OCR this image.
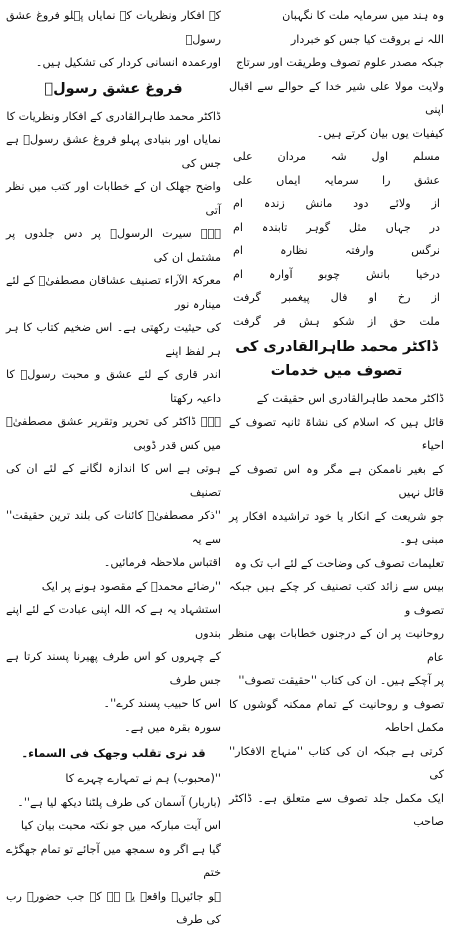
وہ ہند میں سرمایہ ملت کا نگہبان
اللہ نے بروقت کیا جس کو خبردار
جبکہ مصدر علوم تصوف وطریقت اور سرتاج
ولایت مولا علی شیر خدا کے حوالے سے اقبال اپنی
کیفیات یوں بیان کرتے ہیں۔
مسلم اول شہ مردان علی
عشق را سرمایہ ایماں علی
از ولائے دود مانش زندہ ام
در جہاں مثل گوہر تابندہ ام
نرگس وارفتہ نظارہ ام
درخیا بانش چوبو آوارہ ام
از رخ او فال پیغمبر گرفت
ملت حق از شکو ہش فر گرفت
ڈاکٹر محمد طاہرالقادری کی تصوف میں خدمات
ڈاکٹر محمد طاہرالقادری اس حقیقت کے
قائل ہیں کہ اسلام کی نشاۃ ثانیہ تصوف کے احیاء
کے بغیر ناممکن ہے مگر وہ اس تصوف کے قائل نہیں
جو شریعت کے انکار یا خود تراشیدہ افکار پر مبنی ہو۔
تعلیمات تصوف کی وضاحت کے لئے اب تک وہ
بیس سے زائد کتب تصنیف کر چکے ہیں جبکہ تصوف و
روحانیت پر ان کے درجنوں خطابات بھی منظر عام
پر آچکے ہیں۔ ان کی کتاب ''حقیقت تصوف''
تصوف و روحانیت کے تمام ممکنہ گوشوں کا مکمل احاطہ
کرتی ہے جبکہ ان کی کتاب ''منہاج الافکار'' کی
ایک مکمل جلد تصوف سے متعلق ہے۔ ڈاکٹر صاحب
کے افکار ونظریات کے نمایاں پہلو فروغ عشق رسولؐ
اورعمدہ انسانی کردار کی تشکیل ہیں۔
فروغ عشق رسولؐ
ڈاکٹر محمد طاہرالقادری کے افکار ونظریات کا
نمایاں اور بنیادی پہلو فروغ عشق رسولؐ ہے جس کی
واضح جھلک ان کے خطابات اور کتب میں نظر آتی
ہے۔ سیرت الرسولؐ پر دس جلدوں پر مشتمل ان کی
معرکۃ الآراء تصنیف عشاقان مصطفیٰؐ کے لئے مینارہ نور
کی حیثیت رکھتی ہے۔ اس ضخیم کتاب کا ہر ہر لفظ اپنے
اندر قاری کے لئے عشق و محبت رسولؐ کا داعیہ رکھتا
ہے۔ ڈاکٹر کی تحریر وتقریر عشق مصطفیٰؐ میں کس قدر ڈوبی
ہوتی ہے اس کا اندازہ لگانے کے لئے ان کی تصنیف
''ذکر مصطفیٰؐ کائنات کی بلند ترین حقیقت'' سے یہ
اقتباس ملاحظہ فرمائیں۔
''رضائے محمدؐ کے مقصود ہونے پر ایک
استشہاد یہ ہے کہ اللہ اپنی عبادت کے لئے اپنے بندوں
کے چہروں کو اس طرف پھیرنا پسند کرتا ہے جس طرف
اس کا حبیب پسند کرے''۔
سورہ بقرہ میں ہے۔
قد نری تقلب وجھک فی السماء۔
''(محبوب) ہم نے تمہارے چہرے کا
(باربار) آسمان کی طرف پلٹنا دیکھ لیا ہے''۔
اس آیت مبارکہ میں جو نکتہ محبت بیان کیا
گیا ہے اگر وہ سمجھ میں آجائے تو تمام جھگڑے ختم
ہو جائیں۔ واقعہ یہ ہے کہ جب حضورؐ رب کی طرف
